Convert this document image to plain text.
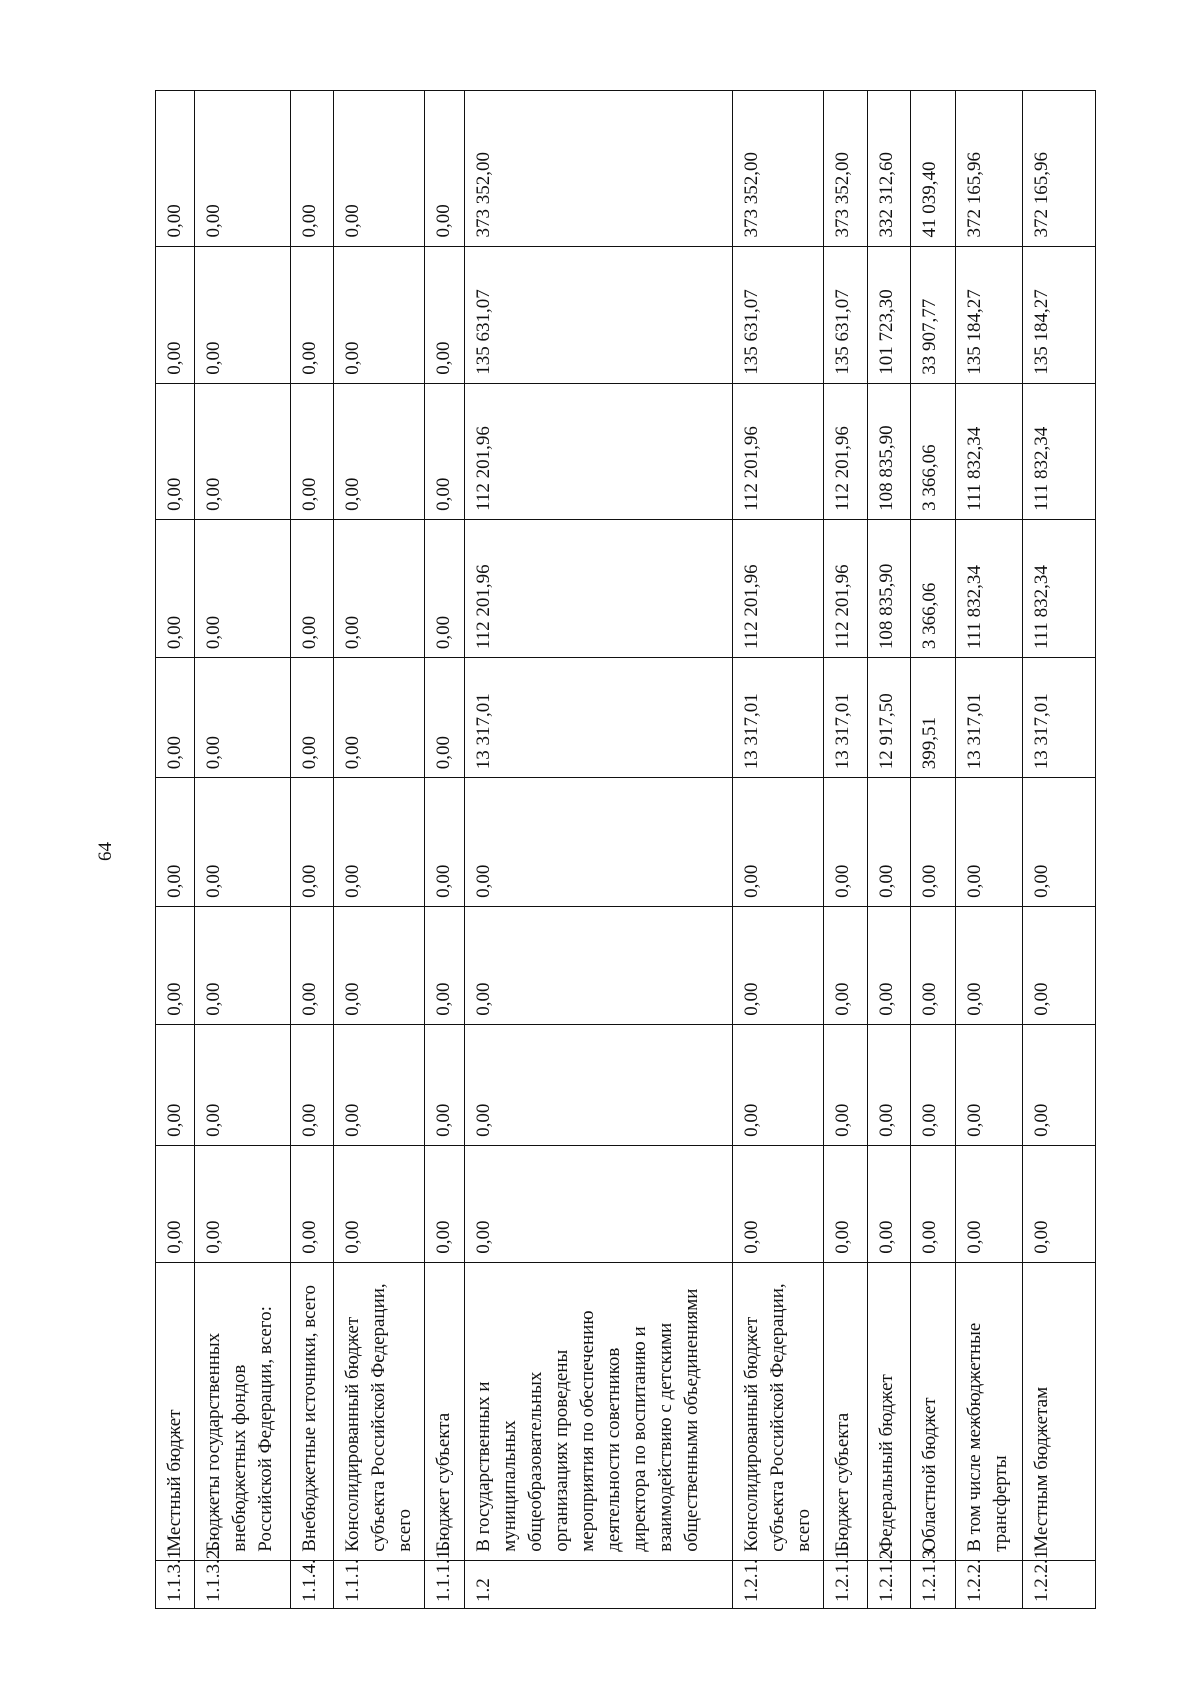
64
1.1.3.1	Местный бюджет	0,00	0,00	0,00	0,00	0,00	0,00	0,00	0,00	0,00
1.1.3.2.	Бюджеты государственных внебюджетных фондов Российской Федерации, всего:	0,00	0,00	0,00	0,00	0,00	0,00	0,00	0,00	0,00
1.1.4.	Внебюджетные источники, всего	0,00	0,00	0,00	0,00	0,00	0,00	0,00	0,00	0,00
1.1.1.	Консолидированный бюджет субъекта Российской Федерации, всего	0,00	0,00	0,00	0,00	0,00	0,00	0,00	0,00	0,00
1.1.1.1.	Бюджет субъекта	0,00	0,00	0,00	0,00	0,00	0,00	0,00	0,00	0,00
1.2	В государственных и муниципальных общеобразовательных организациях проведены мероприятия по обеспечению деятельности советников директора по воспитанию и взаимодействию с детскими общественными объединениями	0,00	0,00	0,00	0,00	13 317,01	112 201,96	112 201,96	135 631,07	373 352,00
1.2.1.	Консолидированный бюджет субъекта Российской Федерации, всего	0,00	0,00	0,00	0,00	13 317,01	112 201,96	112 201,96	135 631,07	373 352,00
1.2.1.1.	Бюджет субъекта	0,00	0,00	0,00	0,00	13 317,01	112 201,96	112 201,96	135 631,07	373 352,00
1.2.1.2	Федеральный бюджет	0,00	0,00	0,00	0,00	12 917,50	108 835,90	108 835,90	101 723,30	332 312,60
1.2.1.3.	Областной бюджет	0,00	0,00	0,00	0,00	399,51	3 366,06	3 366,06	33 907,77	41 039,40
1.2.2.	В том числе межбюджетные трансферты	0,00	0,00	0,00	0,00	13 317,01	111 832,34	111 832,34	135 184,27	372 165,96
1.2.2.1	Местным бюджетам	0,00	0,00	0,00	0,00	13 317,01	111 832,34	111 832,34	135 184,27	372 165,96
